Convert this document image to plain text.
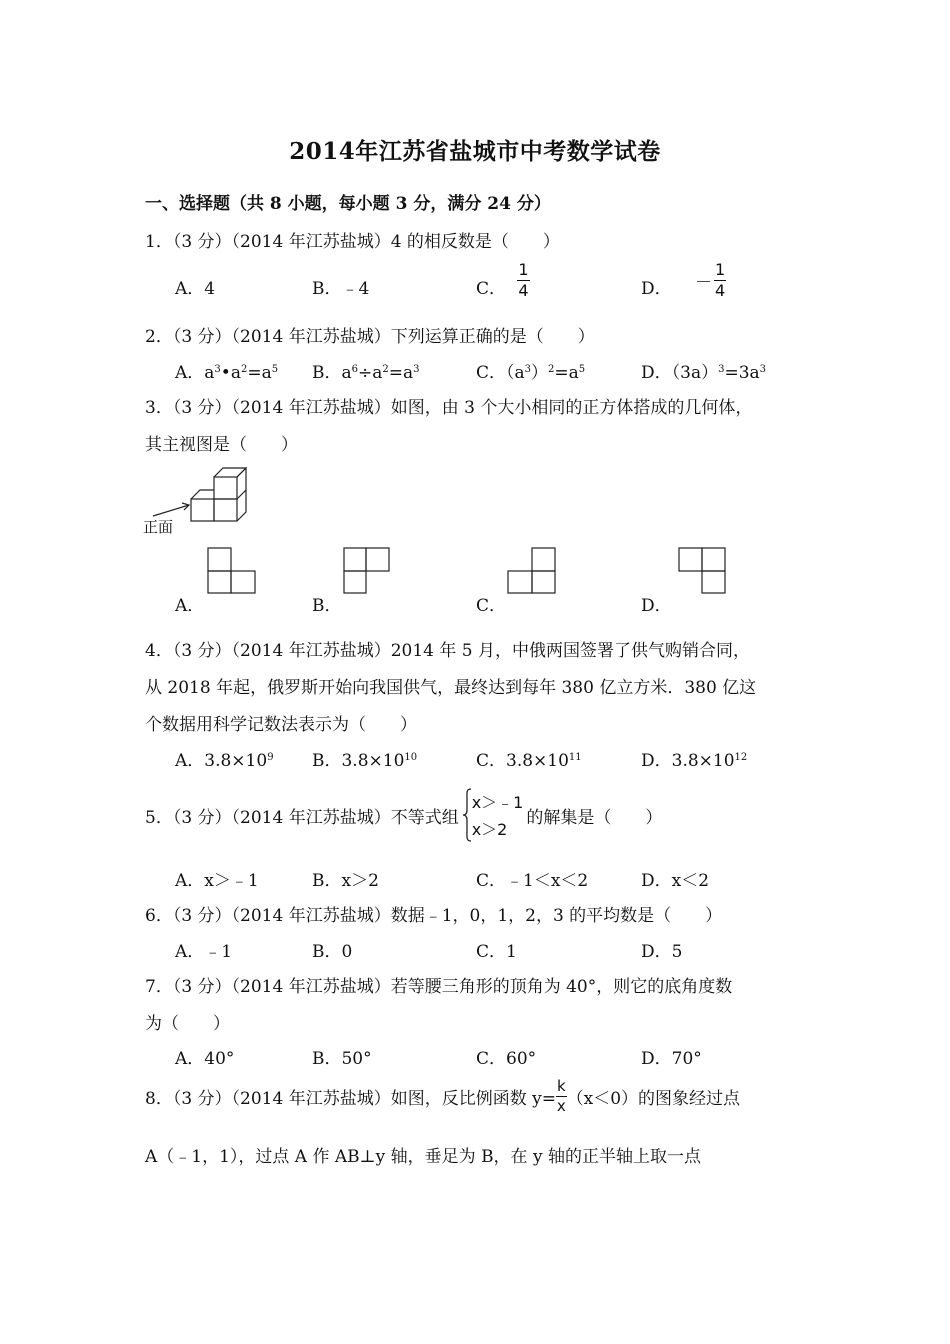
2014年江苏省盐城市中考数学试卷
一、选择题（共 8 小题，每小题 3 分，满分 24 分）
1．（3 分）（2014 年江苏盐城）4 的相反数是（　　）
A．4	B．﹣4	C． $\frac{1}{4}$	D． － $\frac{1}{4}$
2．（3 分）（2014 年江苏盐城）下列运算正确的是（　　）
A．$a^3•a^2=a^5$ B．$a^6\div a^2=a^3$	C．$(a^3)^2=a^5$	D．$(3a)^3=3a^3$
3．（3 分）（2014 年江苏盐城）如图，由 3 个大小相同的正方体搭成的几何体，
其主视图是（　　）
正面
A．	B．	C．	D．
4．（3 分）（2014 年江苏盐城）2014 年 5 月，中俄两国签署了供气购销合同，
从 2018 年起，俄罗斯开始向我国供气，最终达到每年 380 亿立方米．380 亿这
个数据用科学记数法表示为（　　）
A．$3.8\times 10^9$ B．$3.8\times 10^{10}$	C．$3.8\times 10^{11}$	D．$3.8\times 10^{12}$
5．（3 分）（2014 年江苏盐城）不等式组
x＞﹣1
x＞2
的解集是（　　）
A．x＞﹣1	B．x＞2	C．﹣1＜x＜2	D．x＜2
6．（3 分）（2014 年江苏盐城）数据﹣1，0，1，2，3 的平均数是（　　）
A．﹣1	B．0	C．1	D．5
7．（3 分）（2014 年江苏盐城）若等腰三角形的顶角为 40°，则它的底角度数
为（　　）
A．40°	B．50°	C．60°	D．70°
8．（3 分）（2014 年江苏盐城）如图，反比例函数 $y= \frac{k}{x} (x<0)$的图象经过点
A（﹣1，1），过点 A 作 AB⊥y 轴，垂足为 B，在 y 轴的正半轴上取一点
